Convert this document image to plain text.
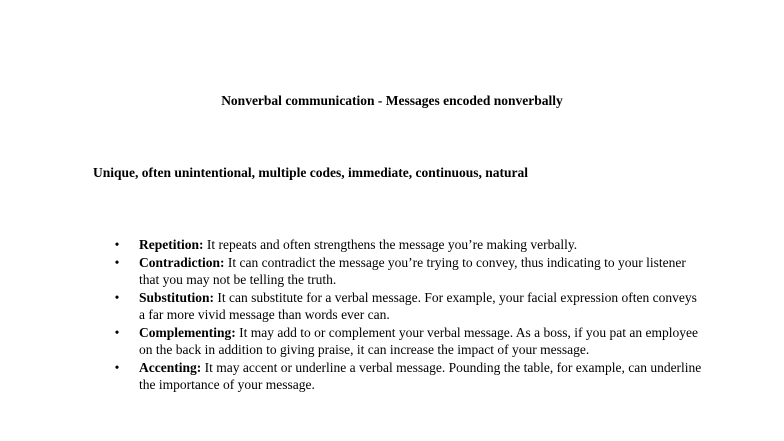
Nonverbal communication - Messages encoded nonverbally

Unique, often unintentional, multiple codes, immediate, continuous, natural

• Repetition: It repeats and often strengthens the message you’re making verbally.
• Contradiction: It can contradict the message you’re trying to convey, thus indicating to your listener that you may not be telling the truth.
• Substitution: It can substitute for a verbal message. For example, your facial expression often conveys a far more vivid message than words ever can.
• Complementing: It may add to or complement your verbal message. As a boss, if you pat an employee on the back in addition to giving praise, it can increase the impact of your message.
• Accenting: It may accent or underline a verbal message. Pounding the table, for example, can underline the importance of your message.
